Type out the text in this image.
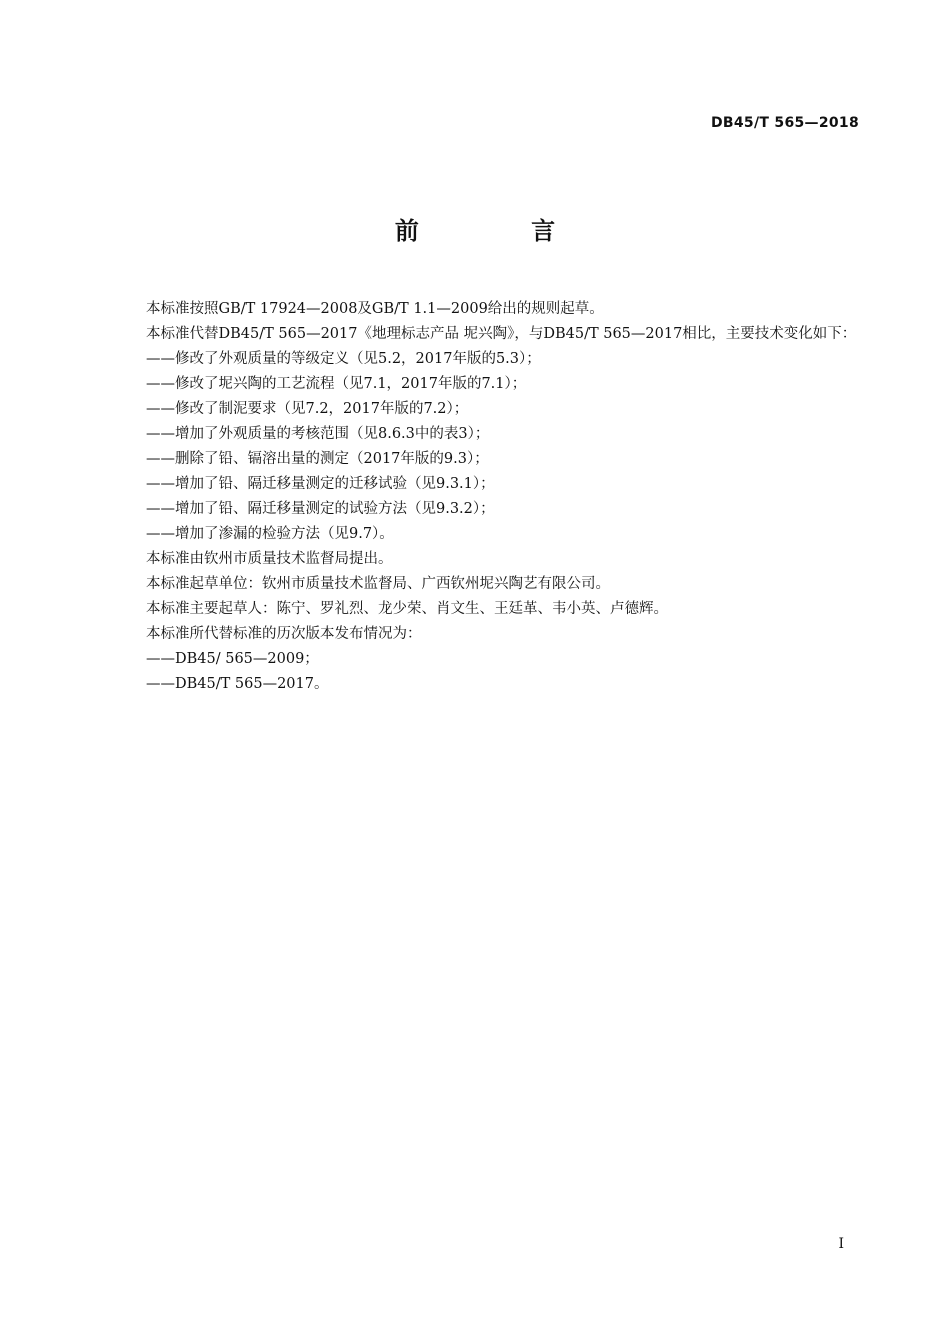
DB45/T 565—2018
前 言

本标准按照GB/T 17924—2008及GB/T 1.1—2009给出的规则起草。

本标准代替DB45/T 565—2017《地理标志产品 坭兴陶》，与DB45/T 565—2017相比，主要技术变化如下：

——修改了外观质量的等级定义（见5.2，2017年版的5.3）；

——修改了坭兴陶的工艺流程（见7.1，2017年版的7.1）；

——修改了制泥要求（见7.2，2017年版的7.2）；

——增加了外观质量的考核范围（见8.6.3中的表3）；

——删除了铅、镉溶出量的测定（2017年版的9.3）；

——增加了铅、隔迁移量测定的迁移试验（见9.3.1）；

——增加了铅、隔迁移量测定的试验方法（见9.3.2）；

——增加了渗漏的检验方法（见9.7）。

本标准由钦州市质量技术监督局提出。

本标准起草单位：钦州市质量技术监督局、广西钦州坭兴陶艺有限公司。

本标准主要起草人：陈宁、罗礼烈、龙少荣、肖文生、王廷革、韦小英、卢德辉。

本标准所代替标准的历次版本发布情况为：

——DB45/ 565—2009；

——DB45/T 565—2017。

I
